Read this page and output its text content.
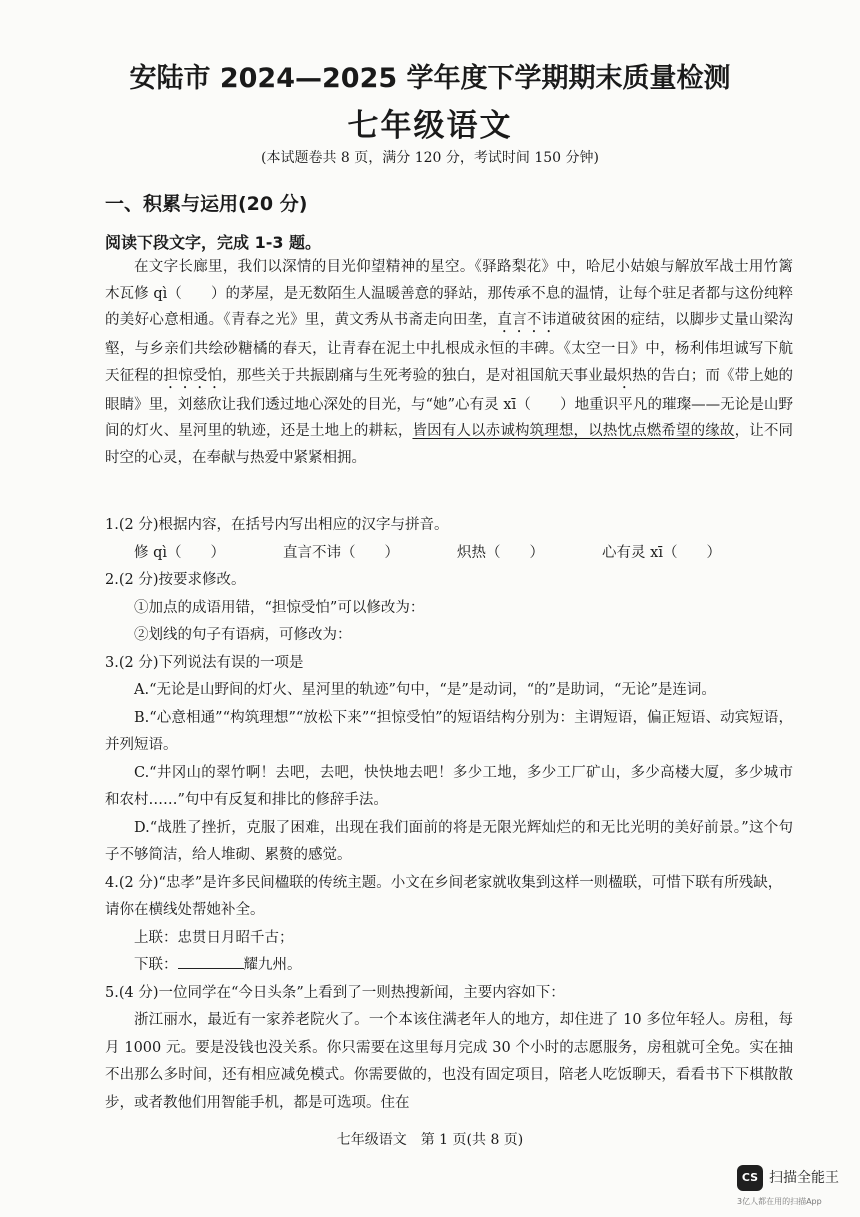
安陆市 2024—2025 学年度下学期期末质量检测
七年级语文
(本试题卷共 8 页，满分 120 分，考试时间 150 分钟)
一、积累与运用(20 分)
阅读下段文字，完成 1-3 题。

在文字长廊里，我们以深情的目光仰望精神的星空。《驿路梨花》中，哈尼小姑娘与解放军战士用竹篱木瓦修 qì（　　）的茅屋，是无数陌生人温暖善意的驿站，那传承不息的温情，让每个驻足者都与这份纯粹的美好心意相通。《青春之光》里，黄文秀从书斋走向田垄，直言不讳道破贫困的症结，以脚步丈量山梁沟壑，与乡亲们共绘砂糖橘的春天，让青春在泥土中扎根成永恒的丰碑。《太空一日》中，杨利伟坦诚写下航天征程的担惊受怕，那些关于共振剧痛与生死考验的独白，是对祖国航天事业最炽热的告白；而《带上她的眼睛》里，刘慈欣让我们透过地心深处的目光，与“她”心有灵 xī（　　）地重识平凡的璀璨——无论是山野间的灯火、星河里的轨迹，还是土地上的耕耘，皆因有人以赤诚构筑理想，以热忱点燃希望的缘故，让不同时空的心灵，在奉献与热爱中紧紧相拥。

1.(2 分)根据内容，在括号内写出相应的汉字与拼音。

修 qì（　　）	直言不讳（　　）	炽热（　　）	心有灵 xī（　　）

2.(2 分)按要求修改。

①加点的成语用错，“担惊受怕”可以修改为：

②划线的句子有语病，可修改为：

3.(2 分)下列说法有误的一项是

A.“无论是山野间的灯火、星河里的轨迹”句中，“是”是动词，“的”是助词，“无论”是连词。

B.“心意相通”“构筑理想”“放松下来”“担惊受怕”的短语结构分别为：主谓短语，偏正短语、动宾短语，并列短语。

C.“井冈山的翠竹啊！去吧，去吧，快快地去吧！多少工地，多少工厂矿山，多少高楼大厦，多少城市和农村……”句中有反复和排比的修辞手法。

D.“战胜了挫折，克服了困难，出现在我们面前的将是无限光辉灿烂的和无比光明的美好前景。”这个句子不够简洁，给人堆砌、累赘的感觉。

4.(2 分)“忠孝”是许多民间楹联的传统主题。小文在乡间老家就收集到这样一则楹联，可惜下联有所残缺，请你在横线处帮她补全。

上联：忠贯日月昭千古；

下联：	耀九州。

5.(4 分)一位同学在“今日头条”上看到了一则热搜新闻，主要内容如下：

浙江丽水，最近有一家养老院火了。一个本该住满老年人的地方，却住进了 10 多位年轻人。房租，每月 1000 元。要是没钱也没关系。你只需要在这里每月完成 30 个小时的志愿服务，房租就可全免。实在抽不出那么多时间，还有相应减免模式。你需要做的，也没有固定项目，陪老人吃饭聊天，看看书下下棋散散步，或者教他们用智能手机，都是可选项。住在

七年级语文　第 1 页(共 8 页)
CS 扫描全能王
3亿人都在用的扫描App
